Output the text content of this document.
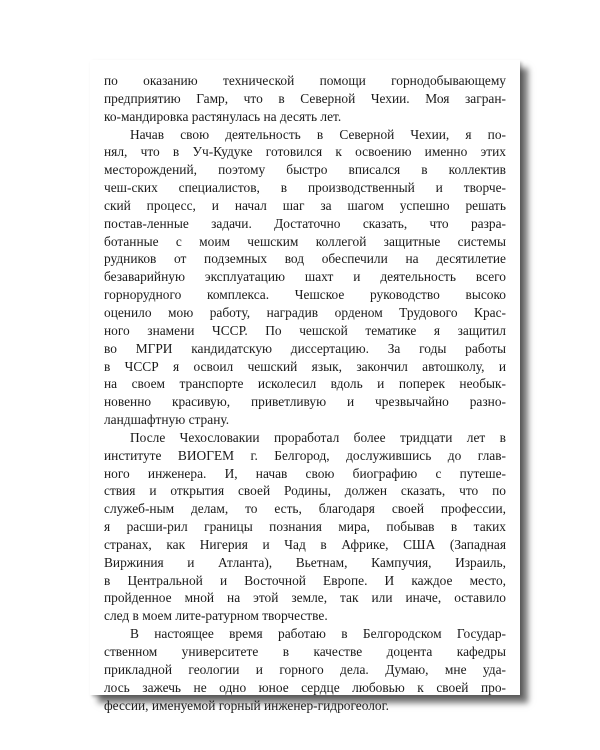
по оказанию технической помощи горнодобывающему
предприятию Гамр, что в Северной Чехии. Моя загран-
ко-мандировка растянулась на десять лет.
Начав свою деятельность в Северной Чехии, я по-
нял, что в Уч-Кудуке готовился к освоению именно этих
месторождений, поэтому быстро вписался в коллектив
чеш-ских специалистов, в производственный и творче-
ский процесс, и начал шаг за шагом успешно решать
постав-ленные задачи. Достаточно сказать, что разра-
ботанные с моим чешским коллегой защитные системы
рудников от подземных вод обеспечили на десятилетие
безаварийную эксплуатацию шахт и деятельность всего
горнорудного комплекса. Чешское руководство высоко
оценило мою работу, наградив орденом Трудового Крас-
ного знамени ЧССР. По чешской тематике я защитил
во МГРИ кандидатскую диссертацию. За годы работы
в ЧССР я освоил чешский язык, закончил автошколу, и
на своем транспорте исколесил вдоль и поперек необык-
новенно красивую, приветливую и чрезвычайно разно-
ландшафтную страну.
После Чехословакии проработал более тридцати лет в
институте ВИОГЕМ г. Белгород, дослужившись до глав-
ного инженера. И, начав свою биографию с путеше-
ствия и открытия своей Родины, должен сказать, что по
служеб-ным делам, то есть, благодаря своей профессии,
я расши-рил границы познания мира, побывав в таких
странах, как Нигерия и Чад в Африке, США (Западная
Виржиния и Атланта), Вьетнам, Кампучия, Израиль,
в Центральной и Восточной Европе. И каждое место,
пройденное мной на этой земле, так или иначе, оставило
след в моем лите-ратурном творчестве.
В настоящее время работаю в Белгородском Государ-
ственном университете в качестве доцента кафедры
прикладной геологии и горного дела. Думаю, мне уда-
лось зажечь не одно юное сердце любовью к своей про-
фессии, именуемой горный инженер-гидрогеолог.
